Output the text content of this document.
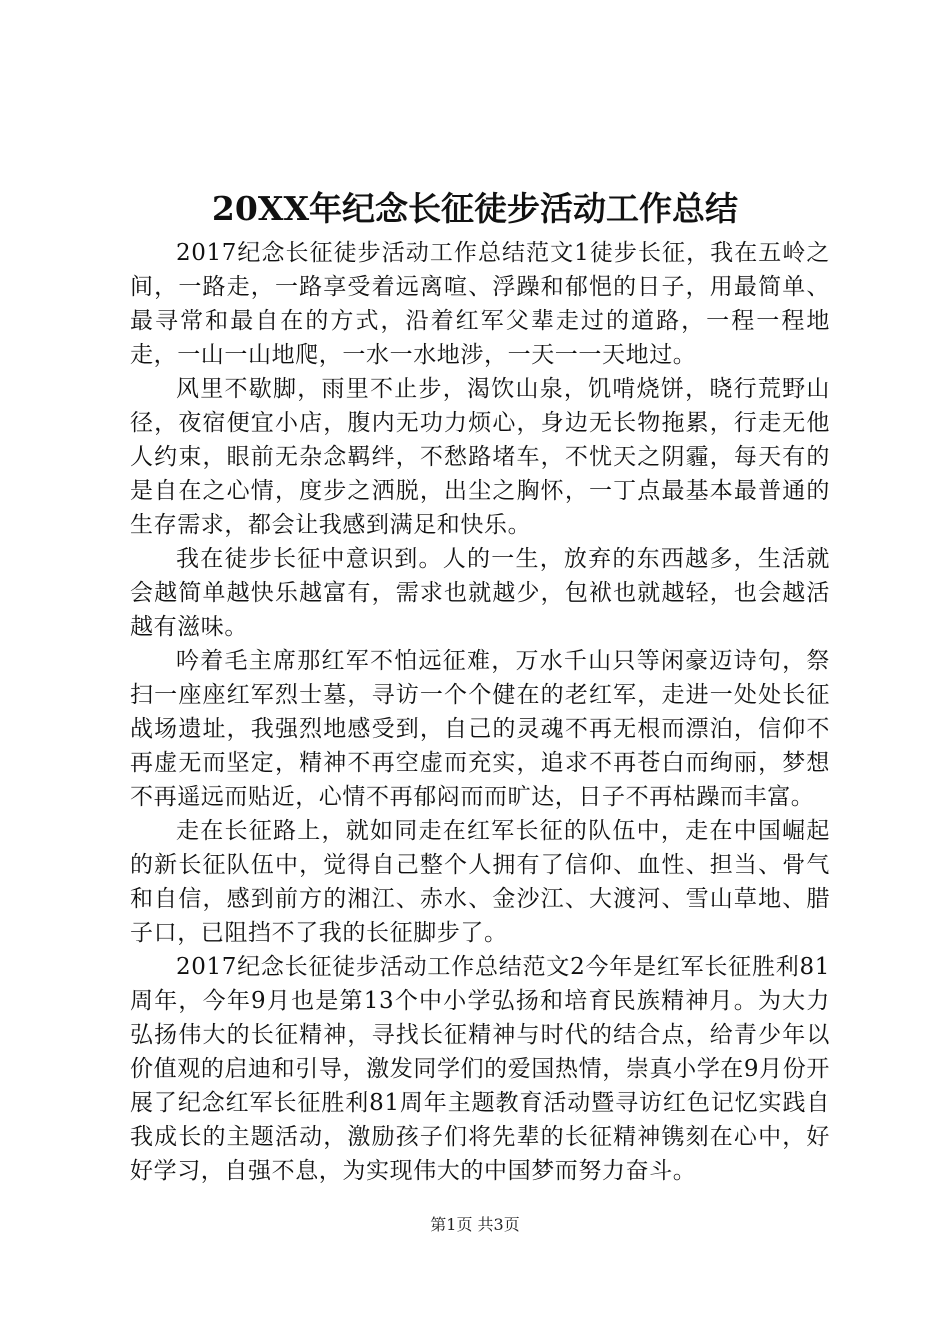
20XX年纪念长征徒步活动工作总结

2017纪念长征徒步活动工作总结范文1徒步长征，我在五岭之间，一路走，一路享受着远离喧、浮躁和郁悒的日子，用最简单、最寻常和最自在的方式，沿着红军父辈走过的道路，一程一程地走，一山一山地爬，一水一水地涉，一天一一天地过。

风里不歇脚，雨里不止步，渴饮山泉，饥啃烧饼，晓行荒野山径，夜宿便宜小店，腹内无功力烦心，身边无长物拖累，行走无他人约束，眼前无杂念羁绊，不愁路堵车，不忧天之阴霾，每天有的是自在之心情，度步之洒脱，出尘之胸怀，一丁点最基本最普通的生存需求，都会让我感到满足和快乐。

我在徒步长征中意识到。人的一生，放弃的东西越多，生活就会越简单越快乐越富有，需求也就越少，包袱也就越轻，也会越活越有滋味。

吟着毛主席那红军不怕远征难，万水千山只等闲豪迈诗句，祭扫一座座红军烈士墓，寻访一个个健在的老红军，走进一处处长征战场遗址，我强烈地感受到，自己的灵魂不再无根而漂泊，信仰不再虚无而坚定，精神不再空虚而充实，追求不再苍白而绚丽，梦想不再遥远而贴近，心情不再郁闷而而旷达，日子不再枯躁而丰富。

走在长征路上，就如同走在红军长征的队伍中，走在中国崛起的新长征队伍中，觉得自己整个人拥有了信仰、血性、担当、骨气和自信，感到前方的湘江、赤水、金沙江、大渡河、雪山草地、腊子口，已阻挡不了我的长征脚步了。

2017纪念长征徒步活动工作总结范文2今年是红军长征胜利81周年，今年9月也是第13个中小学弘扬和培育民族精神月。为大力弘扬伟大的长征精神，寻找长征精神与时代的结合点，给青少年以价值观的启迪和引导，激发同学们的爱国热情，崇真小学在9月份开展了纪念红军长征胜利81周年主题教育活动暨寻访红色记忆实践自我成长的主题活动，激励孩子们将先辈的长征精神镌刻在心中，好好学习，自强不息，为实现伟大的中国梦而努力奋斗。

第1页 共3页
